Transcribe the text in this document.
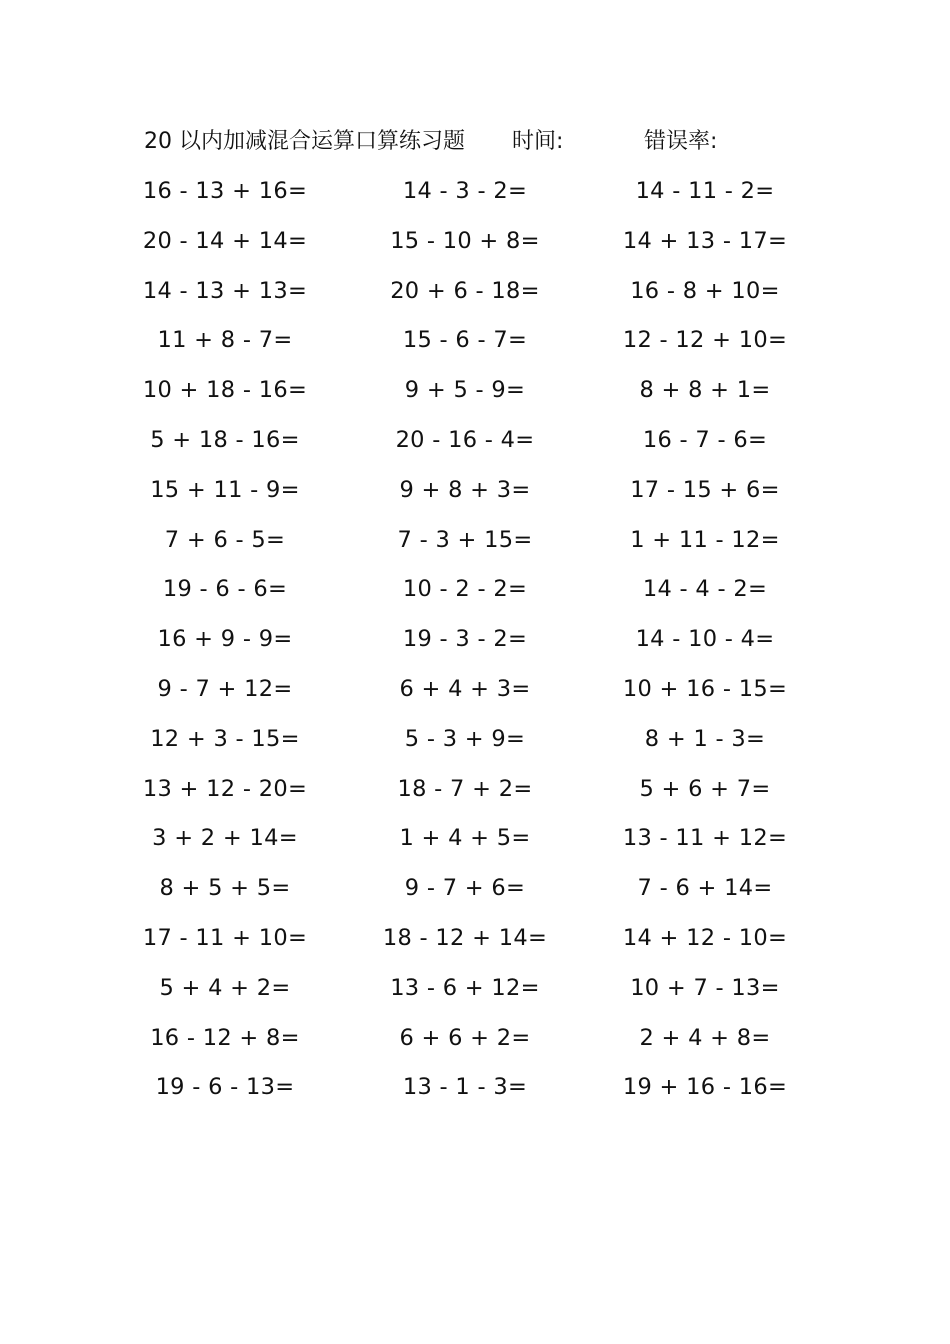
20 以内加减混合运算口算练习题 时间:	错误率:
16 - 13 + 16=
20 - 14 + 14=
14 - 13 + 13=
11 + 8 - 7=
10 + 18 - 16=
5 + 18 - 16=
15 + 11 - 9=
7 + 6 - 5=
19 - 6 - 6=
16 + 9 - 9=
9 - 7 + 12=
12 + 3 - 15=
13 + 12 - 20=
3 + 2 + 14=
8 + 5 + 5=
17 - 11 + 10=
5 + 4 + 2=
16 - 12 + 8=
19 - 6 - 13=
14 - 3 - 2=
15 - 10 + 8=
20 + 6 - 18=
15 - 6 - 7=
9 + 5 - 9=
20 - 16 - 4=
9 + 8 + 3=
7 - 3 + 15=
10 - 2 - 2=
19 - 3 - 2=
6 + 4 + 3=
5 - 3 + 9=
18 - 7 + 2=
1 + 4 + 5=
9 - 7 + 6=
18 - 12 + 14=
13 - 6 + 12=
6 + 6 + 2=
13 - 1 - 3=
14 - 11 - 2=
14 + 13 - 17=
16 - 8 + 10=
12 - 12 + 10=
8 + 8 + 1=
16 - 7 - 6=
17 - 15 + 6=
1 + 11 - 12=
14 - 4 - 2=
14 - 10 - 4=
10 + 16 - 15=
8 + 1 - 3=
5 + 6 + 7=
13 - 11 + 12=
7 - 6 + 14=
14 + 12 - 10=
10 + 7 - 13=
2 + 4 + 8=
19 + 16 - 16=
